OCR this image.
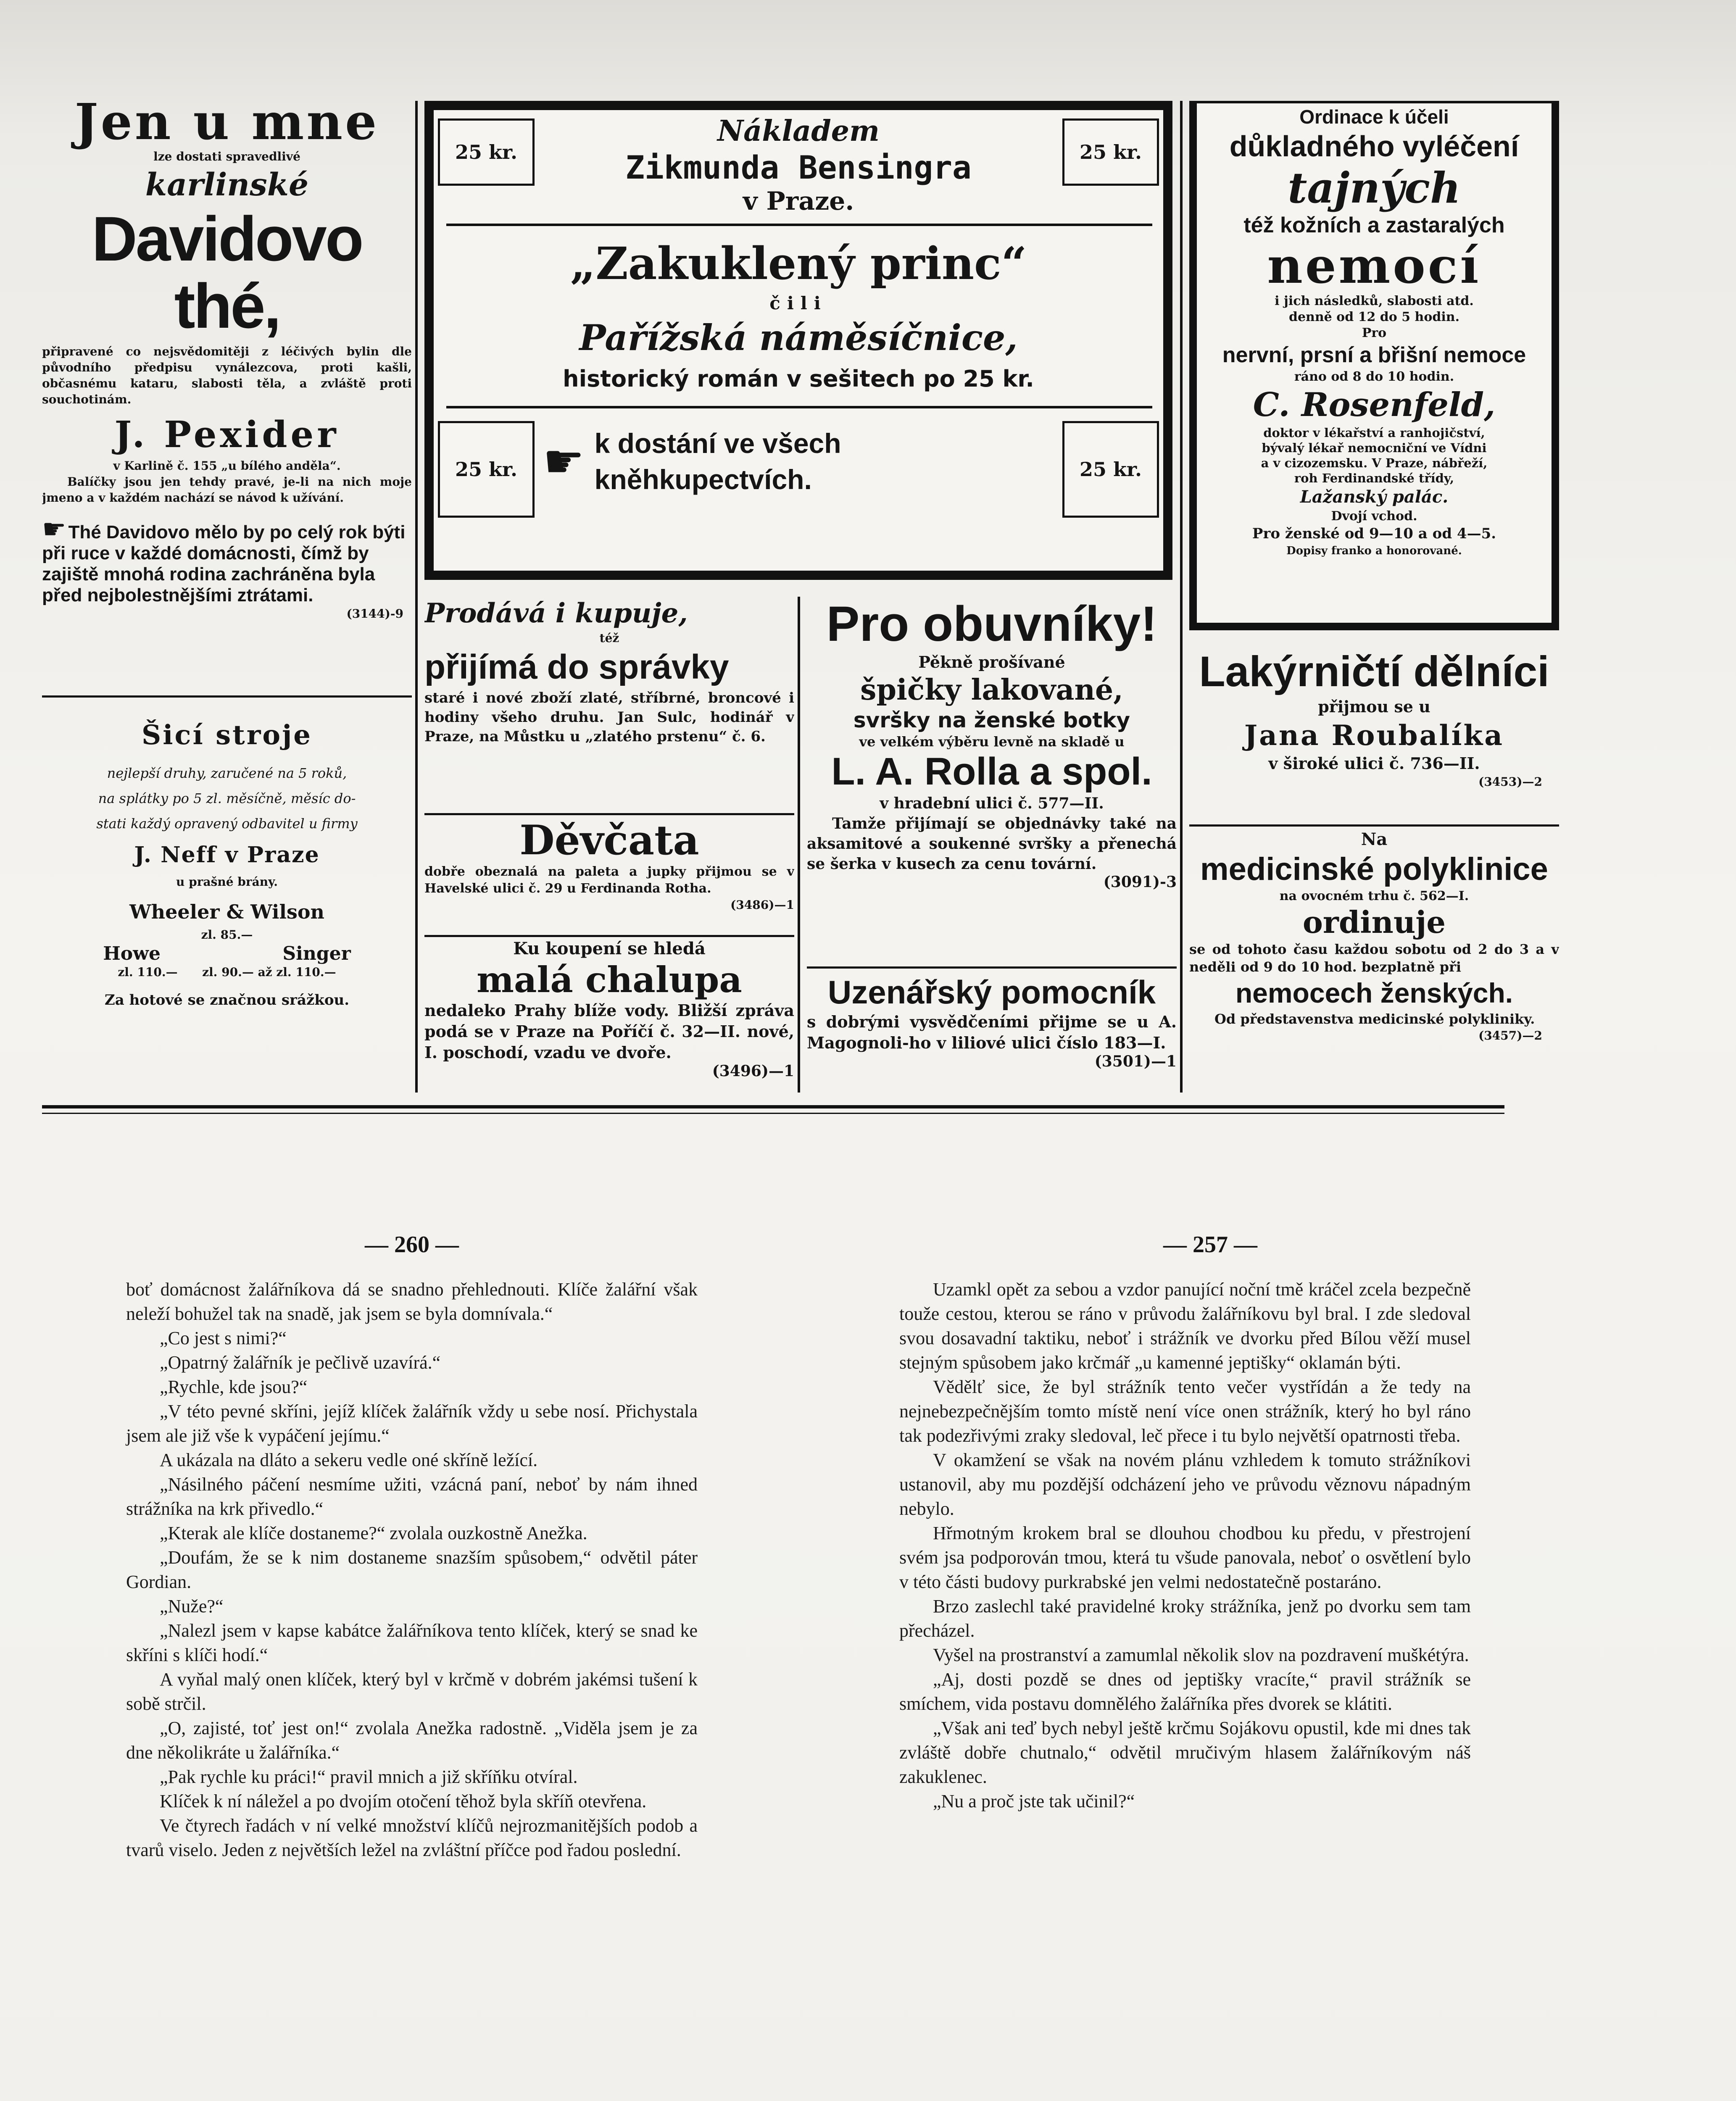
Jen u mne
lze dostati spravedlivé
karlinské
Davidovo thé,
připravené co nejsvědomitěji z léčivých bylin dle původního předpisu vynálezcova, proti kašli, občasnému kataru, slabosti těla, a zvláště proti souchotinám.
J. Pexider
v Karlině č. 155 „u bílého anděla“.
Balíčky jsou jen tehdy pravé, je-li na nich moje jmeno a v každém nachází se návod k užívání.
☛ Thé Davidovo mělo by po celý rok býti při ruce v každé domácnosti, čímž by zajiště mnohá rodina zachráněna byla před nejbolestnějšími ztrátami.
(3144)-9
Šicí stroje
nejlepší druhy, zaručené na 5 roků,
na splátky po 5 zl. měsíčně, měsíc do-
stati každý opravený odbavitel u firmy
J. Neff v Praze
u prašné brány.
Wheeler & Wilson
zl. 85.—
Howe	Singer
zl. 110.—      zl. 90.— až zl. 110.—
Za hotové se značnou srážkou.
25 kr.	25 kr.
Nákladem
Zikmunda Bensingra
v Praze.
„Zakuklený princ“
čili
Pařížská náměsíčnice,
historický román v sešitech po 25 kr.
25 kr.	25 kr.
☛ k dostání ve všech kněhkupectvích.
Ordinace k účeli
důkladného vyléčení
tajných
též kožních a zastaralých
nemocí
i jich následků, slabosti atd.
denně od 12 do 5 hodin.
Pro
nervní, prsní a břišní nemoce
ráno od 8 do 10 hodin.
C. Rosenfeld,
doktor v lékařství a ranhojičství,
bývalý lékař nemocniční ve Vídni
a v cizozemsku. V Praze, nábřeží,
roh Ferdinandské třídy,
Lažanský palác.
Dvojí vchod.
Pro ženské od 9—10 a od 4—5.
Dopisy franko a honorované.
Prodává i kupuje,
též
přijímá do správky
staré i nové zboží zlaté, stříbrné, broncové i hodiny všeho druhu. Jan Sulc, hodinář v Praze, na Můstku u „zlatého prstenu“ č. 6.
Děvčata
dobře obeznalá na paleta a jupky přijmou se v Havelské ulici č. 29 u Ferdinanda Rotha.
(3486)—1
Ku koupení se hledá
malá chalupa
nedaleko Prahy blíže vody. Bližší zpráva podá se v Praze na Poříčí č. 32—II. nové, I. poschodí, vzadu ve dvoře.
(3496)—1
Pro obuvníky!
Pěkně prošívané
špičky lakované,
svršky na ženské botky
ve velkém výběru levně na skladě u
L. A. Rolla a spol.
v hradební ulici č. 577—II.
Tamže přijímají se objednávky také na aksamitové a soukenné svršky a přenechá se šerka v kusech za cenu tovární.
(3091)-3
Uzenářský pomocník
s dobrými vysvědčeními přijme se u A. Magognoli-ho v liliové ulici číslo 183—I.
(3501)—1
Lakýrničtí dělníci
přijmou se u
Jana Roubalíka
v široké ulici č. 736—II.
(3453)—2
Na
medicinské polyklinice
na ovocném trhu č. 562—I.
ordinuje
se od tohoto času každou sobotu od 2 do 3 a v neděli od 9 do 10 hod. bezplatně při
nemocech ženských.
Od představenstva medicinské polykliniky.
(3457)—2
— 260 —	— 257 —

boť domácnost žalářníkova dá se snadno přehlednouti. Klíče žalářní však neleží bohužel tak na snadě, jak jsem se byla domnívala.“

„Co jest s nimi?“

„Opatrný žalářník je pečlivě uzavírá.“

„Rychle, kde jsou?“

„V této pevné skříni, jejíž klíček žalářník vždy u sebe nosí. Přichystala jsem ale již vše k vypáčení jejímu.“

A ukázala na dláto a sekeru vedle oné skříně ležící.

„Násilného páčení nesmíme užiti, vzácná paní, neboť by nám ihned strážníka na krk přivedlo.“

„Kterak ale klíče dostaneme?“ zvolala ouzkostně Anežka.

„Doufám, že se k nim dostaneme snazším spůsobem,“ odvětil páter Gordian.

„Nuže?“

„Nalezl jsem v kapse kabátce žalářníkova tento klíček, který se snad ke skříni s klíči hodí.“

A vyňal malý onen klíček, který byl v krčmě v dobrém jakémsi tušení k sobě strčil.

„O, zajisté, toť jest on!“ zvolala Anežka radostně. „Viděla jsem je za dne několikráte u žalářníka.“

„Pak rychle ku práci!“ pravil mnich a již skříňku otvíral.

Klíček k ní náležel a po dvojím otočení těhož byla skříň otevřena.

Ve čtyrech řadách v ní velké množství klíčů nejrozmanitějších podob a tvarů viselo. Jeden z největších ležel na zvláštní příčce pod řadou poslední.

Uzamkl opět za sebou a vzdor panující noční tmě kráčel zcela bezpečně touže cestou, kterou se ráno v průvodu žalářníkovu byl bral. I zde sledoval svou dosavadní taktiku, neboť i strážník ve dvorku před Bílou věží musel stejným spůsobem jako krčmář „u kamenné jeptišky“ oklamán býti.

Vědělť sice, že byl strážník tento večer vystřídán a že tedy na nejnebezpečnějším tomto místě není více onen strážník, který ho byl ráno tak podezřivými zraky sledoval, leč přece i tu bylo největší opatrnosti třeba.

V okamžení se však na novém plánu vzhledem k tomuto strážníkovi ustanovil, aby mu pozdější odcházení jeho ve průvodu věznovu nápadným nebylo.

Hřmotným krokem bral se dlouhou chodbou ku předu, v přestrojení svém jsa podporován tmou, která tu všude panovala, neboť o osvětlení bylo v této části budovy purkrabské jen velmi nedostatečně postaráno.

Brzo zaslechl také pravidelné kroky strážníka, jenž po dvorku sem tam přecházel.

Vyšel na prostranství a zamumlal několik slov na pozdravení muškétýra.

„Aj, dosti pozdě se dnes od jeptišky vracíte,“ pravil strážník se smíchem, vida postavu domnělého žalářníka přes dvorek se klátiti.

„Však ani teď bych nebyl ještě krčmu Sojákovu opustil, kde mi dnes tak zvláště dobře chutnalo,“ odvětil mručivým hlasem žalářníkovým náš zakuklenec.

„Nu a proč jste tak učinil?“
